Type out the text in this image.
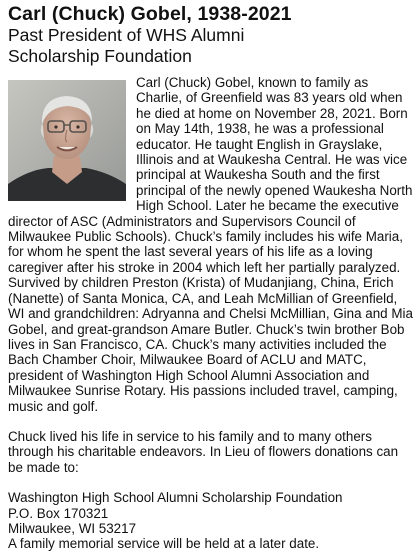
Carl (Chuck) Gobel, 1938-2021
Past President of WHS Alumni
Scholarship Foundation

Carl (Chuck) Gobel, known to family as Charlie, of Greenfield was 83 years old when he died at home on November 28, 2021. Born on May 14th, 1938, he was a professional educator. He taught English in Grayslake, Illinois and at Waukesha Central. He was vice principal at Waukesha South and the first principal of the newly opened Waukesha North High School. Later he became the executive director of ASC (Administrators and Supervisors Council of Milwaukee Public Schools). Chuck’s family includes his wife Maria, for whom he spent the last several years of his life as a loving caregiver after his stroke in 2004 which left her partially paralyzed. Survived by children Preston (Krista) of Mudanjiang, China, Erich (Nanette) of Santa Monica, CA, and Leah McMillian of Greenfield, WI and grandchildren: Adryanna and Chelsi McMillian, Gina and Mia Gobel, and great-grandson Amare Butler. Chuck’s twin brother Bob lives in San Francisco, CA. Chuck’s many activities included the Bach Chamber Choir, Milwaukee Board of ACLU and MATC, president of Washington High School Alumni Association and Milwaukee Sunrise Rotary. His passions included travel, camping, music and golf.

Chuck lived his life in service to his family and to many others through his charitable endeavors. In Lieu of flowers donations can be made to:

Washington High School Alumni Scholarship Foundation
P.O. Box 170321
Milwaukee, WI 53217
A family memorial service will be held at a later date.
